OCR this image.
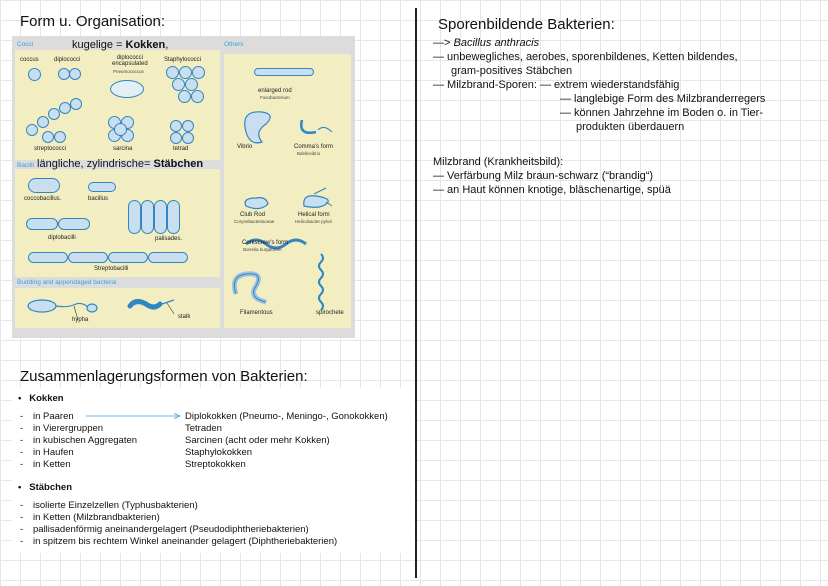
Form u. Organisation:
Cocci	kugelige = Kokken,
coccus	diplococci	diplococci
encapsulated
Pneumococcus
Staphylococci
streptococci	sarcina	tetrad
Bacilli längliche, zylindrische= Stäbchen
coccobacillus.	bacillus
diplobacilli	palisades.
Streptobacilli
Budding and appendaged bacteria
hypha	stalk
Others
enlarged rod
Fusobacterium
Vibrio	Comma's form
Bdellovibrio
Club Rod
Corynebacteriaceae
Helical form
Helicobacter pylori
Corkscrew's form
Borrelia burgdorferi
Filamentous	spirochete
Zusammenlagerungsformen von Bakterien:
•   Kokken
- in Paaren	Diplokokken (Pneumo-, Meningo-, Gonokokken)
- in Vierergruppen	Tetraden
- in kubischen Aggregaten	Sarcinen (acht oder mehr Kokken)
- in Haufen	Staphylokokken
- in Ketten	Streptokokken
•   Stäbchen
- isolierte Einzelzellen (Typhusbakterien)
- in Ketten (Milzbrandbakterien)
- pallisadenförmig aneinandergelagert (Pseudodiphtheriebakterien)
- in spitzem bis rechtem Winkel aneinander gelagert (Diphtheriebakterien)
Sporenbildende Bakterien:
—> Bacillus anthracis
— unbewegliches, aerobes, sporenbildenes, Ketten bildendes,
gram-positives Stäbchen
— Milzbrand-Sporen: — extrem wiederstandsfähig
— langlebige Form des Milzbranderregers
— können Jahrzehne im Boden o. in Tier-
produkten überdauern
Milzbrand (Krankheitsbild):
— Verfärbung Milz braun-schwarz (“brandig“)
— an Haut können knotige, bläschenartige, spüä
